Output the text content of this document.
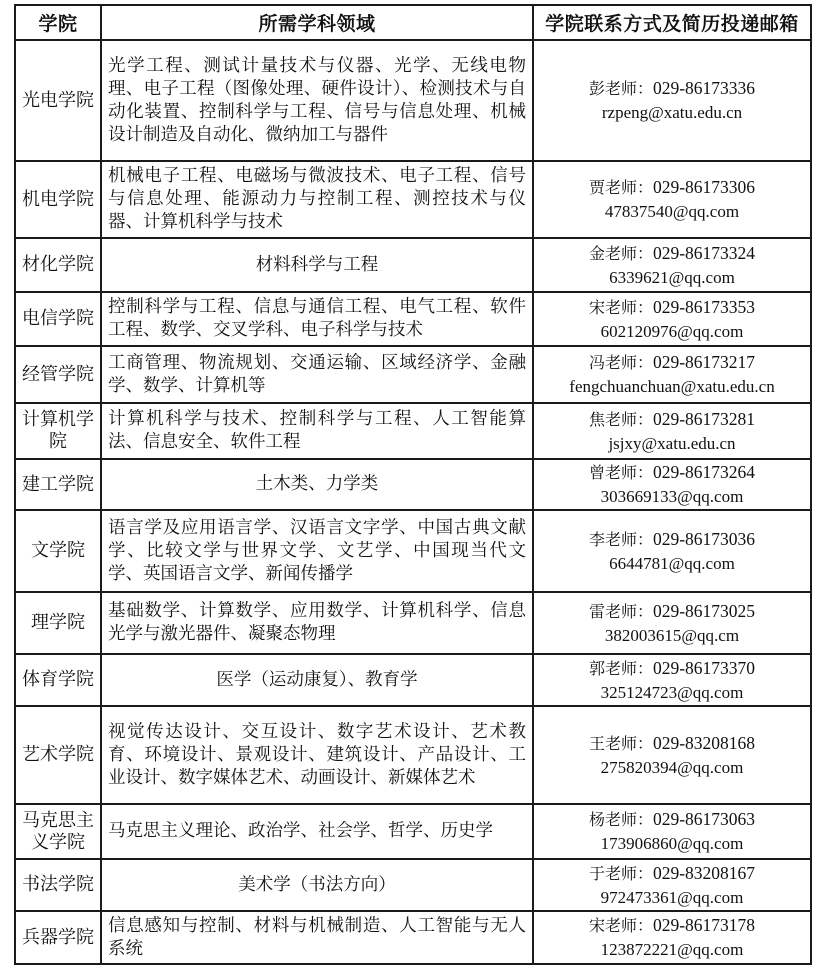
学院	所需学科领域	学院联系方式及简历投递邮箱
光电学院	光学工程、测试计量技术与仪器、光学、无线电物理、电子工程（图像处理、硬件设计）、检测技术与自动化装置、控制科学与工程、信号与信息处理、机械设计制造及自动化、微纳加工与器件	彭老师：029-86173336
rzpeng@xatu.edu.cn
机电学院	机械电子工程、电磁场与微波技术、电子工程、信号与信息处理、能源动力与控制工程、测控技术与仪器、计算机科学与技术	贾老师：029-86173306
47837540@qq.com
材化学院	材料科学与工程	金老师：029-86173324
6339621@qq.com
电信学院	控制科学与工程、信息与通信工程、电气工程、软件工程、数学、交叉学科、电子科学与技术	宋老师：029-86173353
602120976@qq.com
经管学院	工商管理、物流规划、交通运输、区域经济学、金融学、数学、计算机等	冯老师：029-86173217
fengchuanchuan@xatu.edu.cn
计算机学院	计算机科学与技术、控制科学与工程、人工智能算法、信息安全、软件工程	焦老师：029-86173281
jsjxy@xatu.edu.cn
建工学院	土木类、力学类	曾老师：029-86173264
303669133@qq.com
文学院	语言学及应用语言学、汉语言文字学、中国古典文献学、比较文学与世界文学、文艺学、中国现当代文学、英国语言文学、新闻传播学	李老师：029-86173036
6644781@qq.com
理学院	基础数学、计算数学、应用数学、计算机科学、信息光学与激光器件、凝聚态物理	雷老师：029-86173025
382003615@qq.cm
体育学院	医学（运动康复）、教育学	郭老师：029-86173370
325124723@qq.com
艺术学院	视觉传达设计、交互设计、数字艺术设计、艺术教育、环境设计、景观设计、建筑设计、产品设计、工业设计、数字媒体艺术、动画设计、新媒体艺术	王老师：029-83208168
275820394@qq.com
马克思主义学院	马克思主义理论、政治学、社会学、哲学、历史学	杨老师：029-86173063
173906860@qq.com
书法学院	美术学（书法方向）	于老师：029-83208167
972473361@qq.com
兵器学院	信息感知与控制、材料与机械制造、人工智能与无人系统	宋老师：029-86173178
123872221@qq.com
